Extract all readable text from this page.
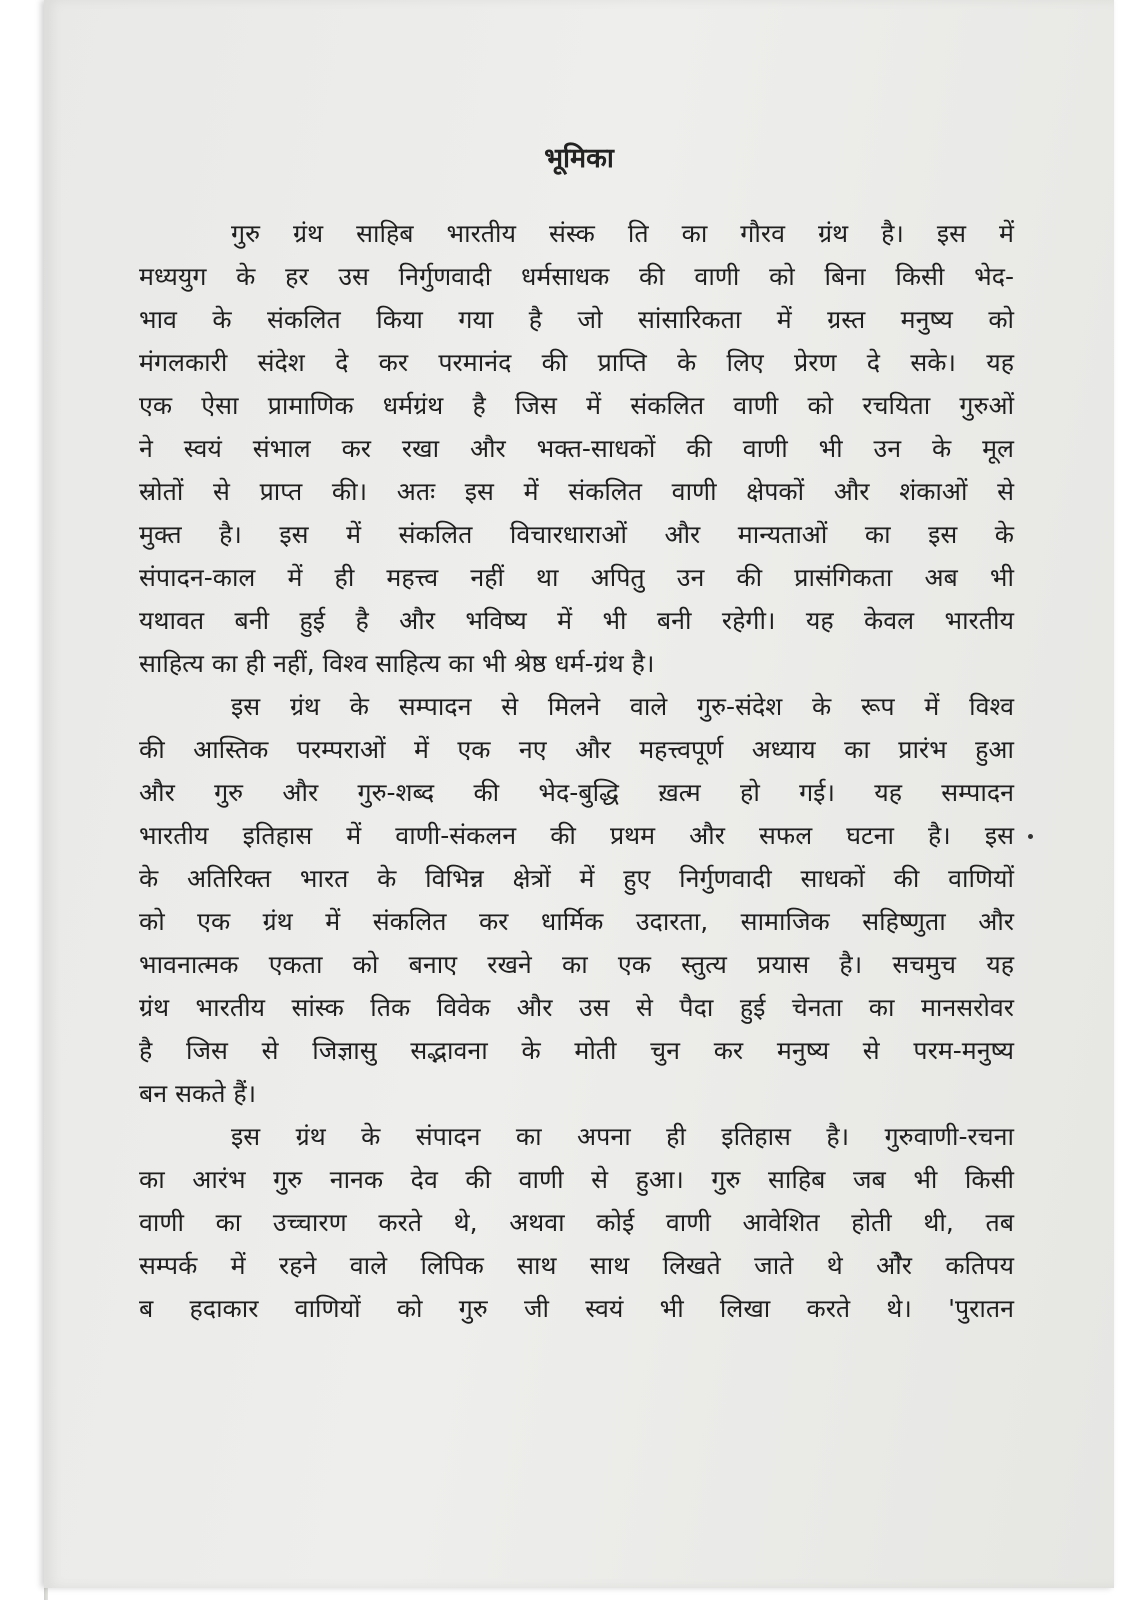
भूमिका
गुरु ग्रंथ साहिब भारतीय संस्क ति का गौरव ग्रंथ है। इस में
मध्ययुग के हर उस निर्गुणवादी धर्मसाधक की वाणी को बिना किसी भेद-
भाव के संकलित किया गया है जो सांसारिकता में ग्रस्त मनुष्य को
मंगलकारी संदेश दे कर परमानंद की प्राप्ति के लिए प्रेरण दे सके। यह
एक ऐसा प्रामाणिक धर्मग्रंथ है जिस में संकलित वाणी को रचयिता गुरुओं
ने स्वयं संभाल कर रखा और भक्त-साधकों की वाणी भी उन के मूल
स्रोतों से प्राप्त की। अतः इस में संकलित वाणी क्षेपकों और शंकाओं से
मुक्त है। इस में संकलित विचारधाराओं और मान्यताओं का इस के
संपादन-काल में ही महत्त्व नहीं था अपितु उन की प्रासंगिकता अब भी
यथावत बनी हुई है और भविष्य में भी बनी रहेगी। यह केवल भारतीय
साहित्य का ही नहीं, विश्व साहित्य का भी श्रेष्ठ धर्म-ग्रंथ है।
इस ग्रंथ के सम्पादन से मिलने वाले गुरु-संदेश के रूप में विश्व
की आस्तिक परम्पराओं में एक नए और महत्त्वपूर्ण अध्याय का प्रारंभ हुआ
और गुरु और गुरु-शब्द की भेद-बुद्धि ख़त्म हो गई। यह सम्पादन
भारतीय इतिहास में वाणी-संकलन की प्रथम और सफल घटना है। इस
के अतिरिक्त भारत के विभिन्न क्षेत्रों में हुए निर्गुणवादी साधकों की वाणियों
को एक ग्रंथ में संकलित कर धार्मिक उदारता, सामाजिक सहिष्णुता और
भावनात्मक एकता को बनाए रखने का एक स्तुत्य प्रयास है। सचमुच यह
ग्रंथ भारतीय सांस्क तिक विवेक और उस से पैदा हुई चेनता का मानसरोवर
है जिस से जिज्ञासु सद्भावना के मोती चुन कर मनुष्य से परम-मनुष्य
बन सकते हैं।
इस ग्रंथ के संपादन का अपना ही इतिहास है। गुरुवाणी-रचना
का आरंभ गुरु नानक देव की वाणी से हुआ। गुरु साहिब जब भी किसी
वाणी का उच्चारण करते थे, अथवा कोई वाणी आवेशित होती थी, तब
सम्पर्क में रहने वाले लिपिक साथ साथ लिखते जाते थे ओैर कतिपय
ब हदाकार वाणियों को गुरु जी स्वयं भी लिखा करते थे। 'पुरातन
